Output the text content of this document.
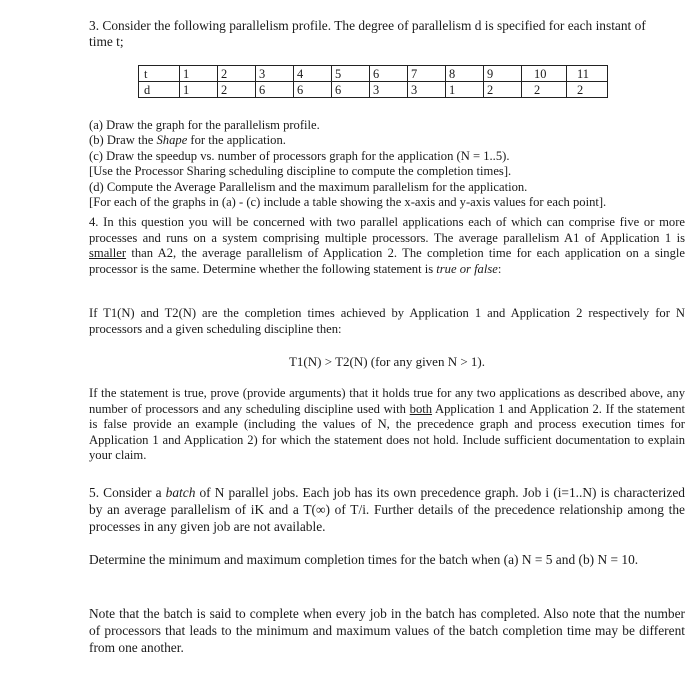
3. Consider the following parallelism profile. The degree of parallelism d is specified for each instant of
time t;

t	1	2	3	4	5	6	7	8	9	10	11
d	1	2	6	6	6	3	3	1	2	2	2

(a) Draw the graph for the parallelism profile.

(b) Draw the Shape for the application.

(c) Draw the speedup vs. number of processors graph for the application (N = 1..5).

[Use the Processor Sharing scheduling discipline to compute the completion times].

(d) Compute the Average Parallelism and the maximum parallelism for the application.

[For each of the graphs in (a) - (c) include a table showing the x-axis and y-axis values for each point].

4. In this question you will be concerned with two parallel applications each of which can comprise five or more processes and runs on a system comprising multiple processors. The average parallelism A1 of Application 1 is smaller than A2, the average parallelism of Application 2. The completion time for each application on a single processor is the same. Determine whether the following statement is true or false:

If T1(N) and T2(N) are the completion times achieved by Application 1 and Application 2 respectively for N processors and a given scheduling discipline then:

T1(N) > T2(N) (for any given N > 1).

If the statement is true, prove (provide arguments) that it holds true for any two applications as described above, any number of processors and any scheduling discipline used with both Application 1 and Application 2. If the statement is false provide an example (including the values of N, the precedence graph and process execution times for Application 1 and Application 2) for which the statement does not hold. Include sufficient documentation to explain your claim.

5. Consider a batch of N parallel jobs. Each job has its own precedence graph. Job i (i=1..N) is characterized by an average parallelism of iK and a T(∞) of T/i. Further details of the precedence relationship among the processes in any given job are not available.

Determine the minimum and maximum completion times for the batch when (a) N = 5 and (b) N = 10.

Note that the batch is said to complete when every job in the batch has completed. Also note that the number of processors that leads to the minimum and maximum values of the batch completion time may be different from one another.
